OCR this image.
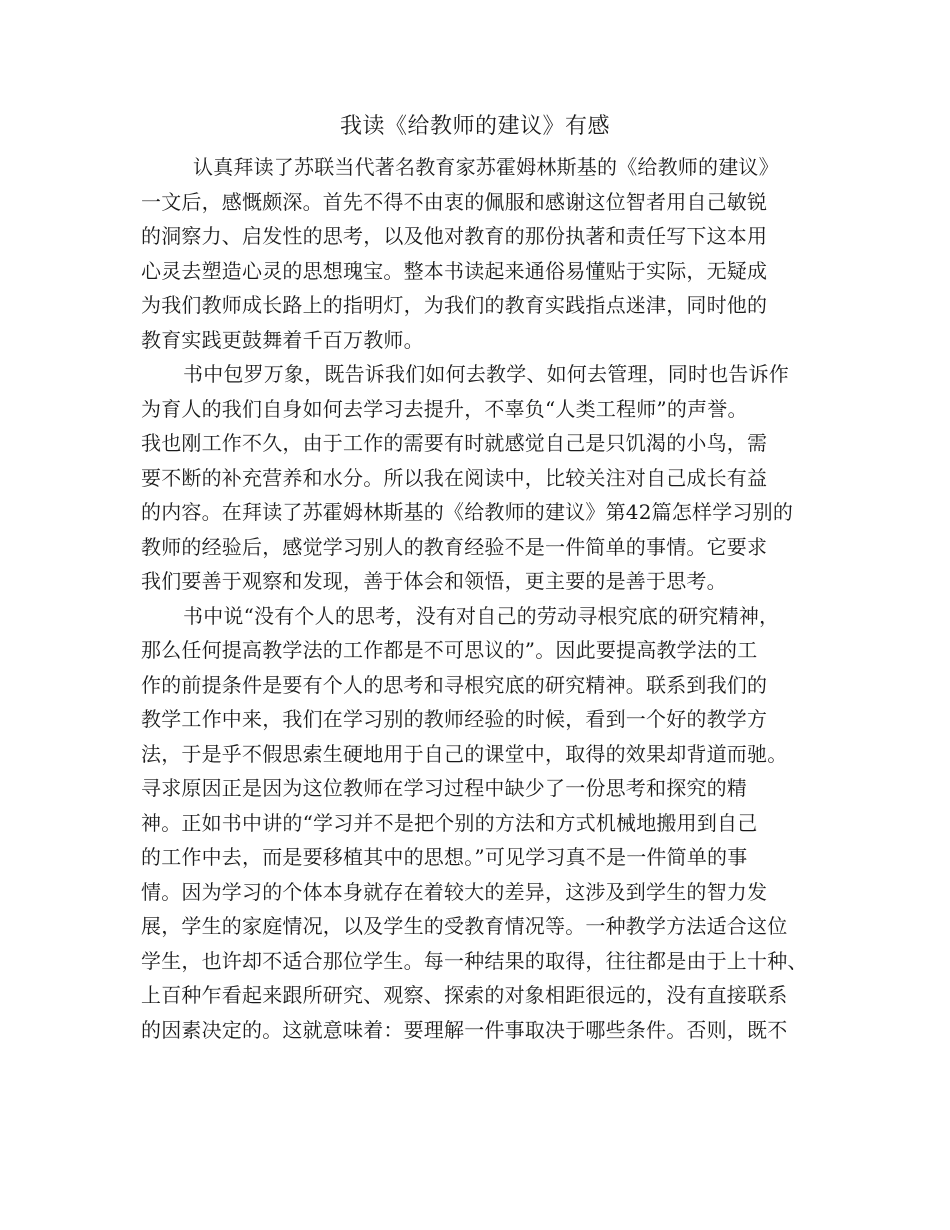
我读《给教师的建议》有感
认真拜读了苏联当代著名教育家苏霍姆林斯基的《给教师的建议》
一文后，感慨颇深。首先不得不由衷的佩服和感谢这位智者用自己敏锐
的洞察力、启发性的思考，以及他对教育的那份执著和责任写下这本用
心灵去塑造心灵的思想瑰宝。整本书读起来通俗易懂贴于实际，无疑成
为我们教师成长路上的指明灯，为我们的教育实践指点迷津，同时他的
教育实践更鼓舞着千百万教师。
书中包罗万象，既告诉我们如何去教学、如何去管理，同时也告诉作
为育人的我们自身如何去学习去提升，不辜负“人类工程师”的声誉。
我也刚工作不久，由于工作的需要有时就感觉自己是只饥渴的小鸟，需
要不断的补充营养和水分。所以我在阅读中，比较关注对自己成长有益
的内容。在拜读了苏霍姆林斯基的《给教师的建议》第42篇怎样学习别的
教师的经验后，感觉学习别人的教育经验不是一件简单的事情。它要求
我们要善于观察和发现，善于体会和领悟，更主要的是善于思考。
书中说“没有个人的思考，没有对自己的劳动寻根究底的研究精神，
那么任何提高教学法的工作都是不可思议的”。因此要提高教学法的工
作的前提条件是要有个人的思考和寻根究底的研究精神。联系到我们的
教学工作中来，我们在学习别的教师经验的时候，看到一个好的教学方
法，于是乎不假思索生硬地用于自己的课堂中，取得的效果却背道而驰。
寻求原因正是因为这位教师在学习过程中缺少了一份思考和探究的精
神。正如书中讲的“学习并不是把个别的方法和方式机械地搬用到自己
的工作中去，而是要移植其中的思想。”可见学习真不是一件简单的事
情。因为学习的个体本身就存在着较大的差异，这涉及到学生的智力发
展，学生的家庭情况，以及学生的受教育情况等。一种教学方法适合这位
学生，也许却不适合那位学生。每一种结果的取得，往往都是由于上十种、
上百种乍看起来跟所研究、观察、探索的对象相距很远的，没有直接联系
的因素决定的。这就意味着：要理解一件事取决于哪些条件。否则，既不
